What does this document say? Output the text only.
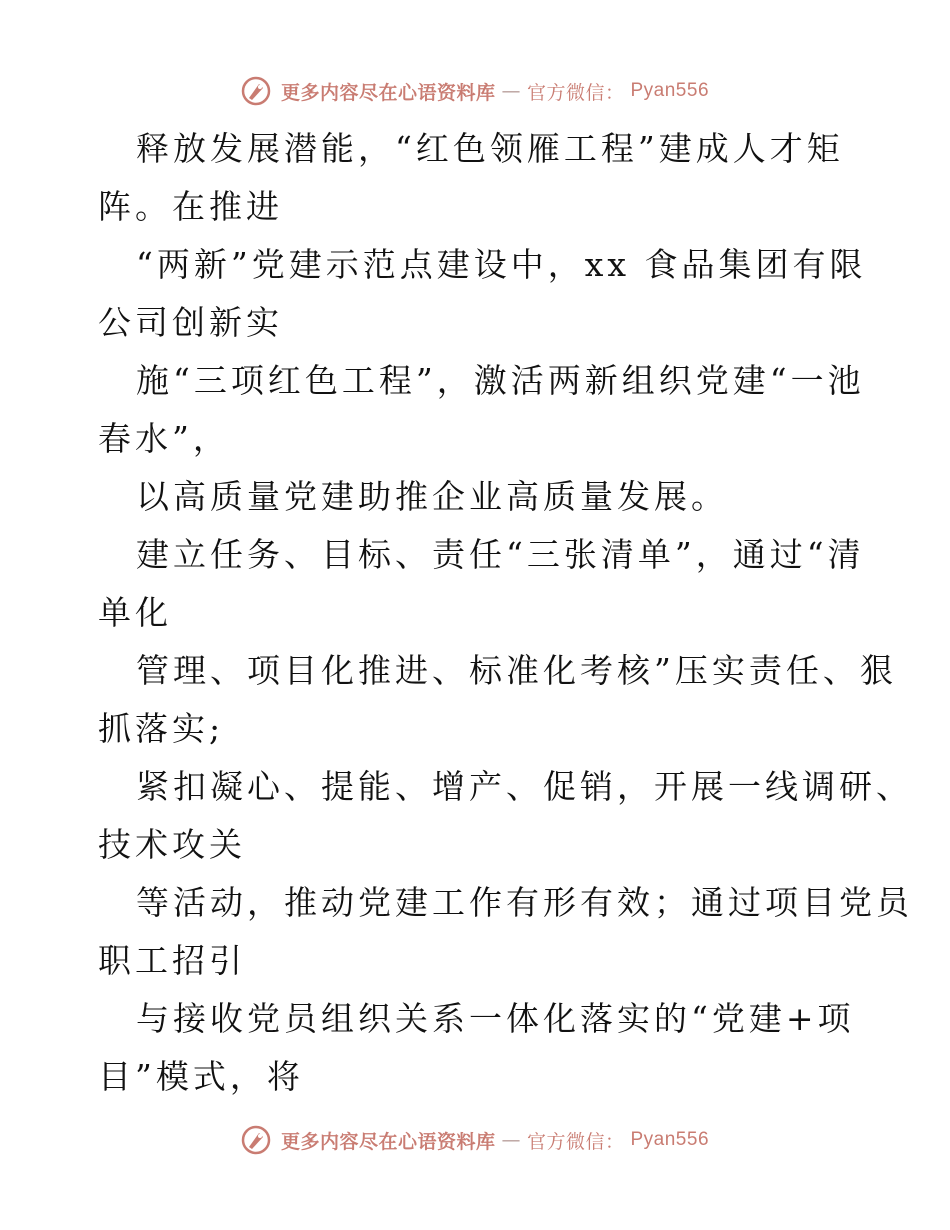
更多内容尽在心语资料库 — 官方微信： Pyan556
释放发展潜能，“红色领雁工程”建成人才矩
阵。在推进
“两新”党建示范点建设中，xx 食品集团有限
公司创新实
施“三项红色工程”，激活两新组织党建“一池
春水”，
以高质量党建助推企业高质量发展。
建立任务、目标、责任“三张清单”，通过“清
单化
管理、项目化推进、标准化考核”压实责任、狠
抓落实;
紧扣凝心、提能、增产、促销，开展一线调研、
技术攻关
等活动，推动党建工作有形有效；通过项目党员
职工招引
与接收党员组织关系一体化落实的“党建+项
目”模式，将
更多内容尽在心语资料库 — 官方微信： Pyan556
